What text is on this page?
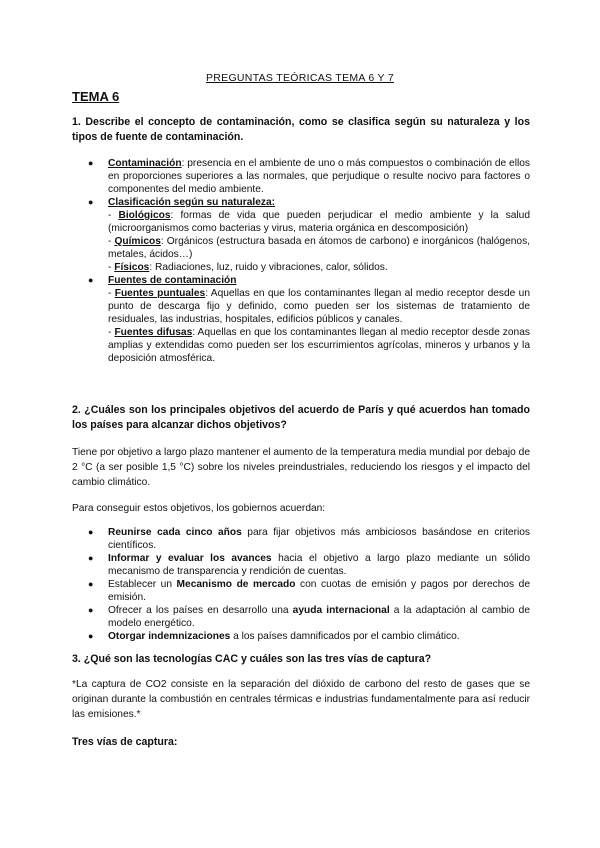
PREGUNTAS TEÓRICAS TEMA 6 Y 7
TEMA 6
1. Describe el concepto de contaminación, como se clasifica según su naturaleza y los tipos de fuente de contaminación.
● Contaminación: presencia en el ambiente de uno o más compuestos o combinación de ellos en proporciones superiores a las normales, que perjudique o resulte nocivo para factores o componentes del medio ambiente.
● Clasificación según su naturaleza:
- Biológicos: formas de vida que pueden perjudicar el medio ambiente y la salud (microorganismos como bacterias y virus, materia orgánica en descomposición)
- Químicos: Orgánicos (estructura basada en átomos de carbono) e inorgánicos (halógenos, metales, ácidos…)
- Físicos: Radiaciones, luz, ruido y vibraciones, calor, sólidos.
● Fuentes de contaminación
- Fuentes puntuales: Aquellas en que los contaminantes llegan al medio receptor desde un punto de descarga fijo y definido, como pueden ser los sistemas de tratamiento de residuales, las industrias, hospitales, edificios públicos y canales.
- Fuentes difusas: Aquellas en que los contaminantes llegan al medio receptor desde zonas amplias y extendidas como pueden ser los escurrimientos agrícolas, mineros y urbanos y la deposición atmosférica.
2. ¿Cuáles son los principales objetivos del acuerdo de París y qué acuerdos han tomado los países para alcanzar dichos objetivos?
Tiene por objetivo a largo plazo mantener el aumento de la temperatura media mundial por debajo de 2 °C (a ser posible 1,5 °C) sobre los niveles preindustriales, reduciendo los riesgos y el impacto del cambio climático.
Para conseguir estos objetivos, los gobiernos acuerdan:
● Reunirse cada cinco años para fijar objetivos más ambiciosos basándose en criterios científicos.
● Informar y evaluar los avances hacia el objetivo a largo plazo mediante un sólido mecanismo de transparencia y rendición de cuentas.
● Establecer un Mecanismo de mercado con cuotas de emisión y pagos por derechos de emisión.
● Ofrecer a los países en desarrollo una ayuda internacional a la adaptación al cambio de modelo energético.
● Otorgar indemnizaciones a los países damnificados por el cambio climático.
3. ¿Qué son las tecnologías CAC y cuáles son las tres vías de captura?
*La captura de CO2 consiste en la separación del dióxido de carbono del resto de gases que se originan durante la combustión en centrales térmicas e industrias fundamentalmente para así reducir las emisiones.*
Tres vías de captura:
